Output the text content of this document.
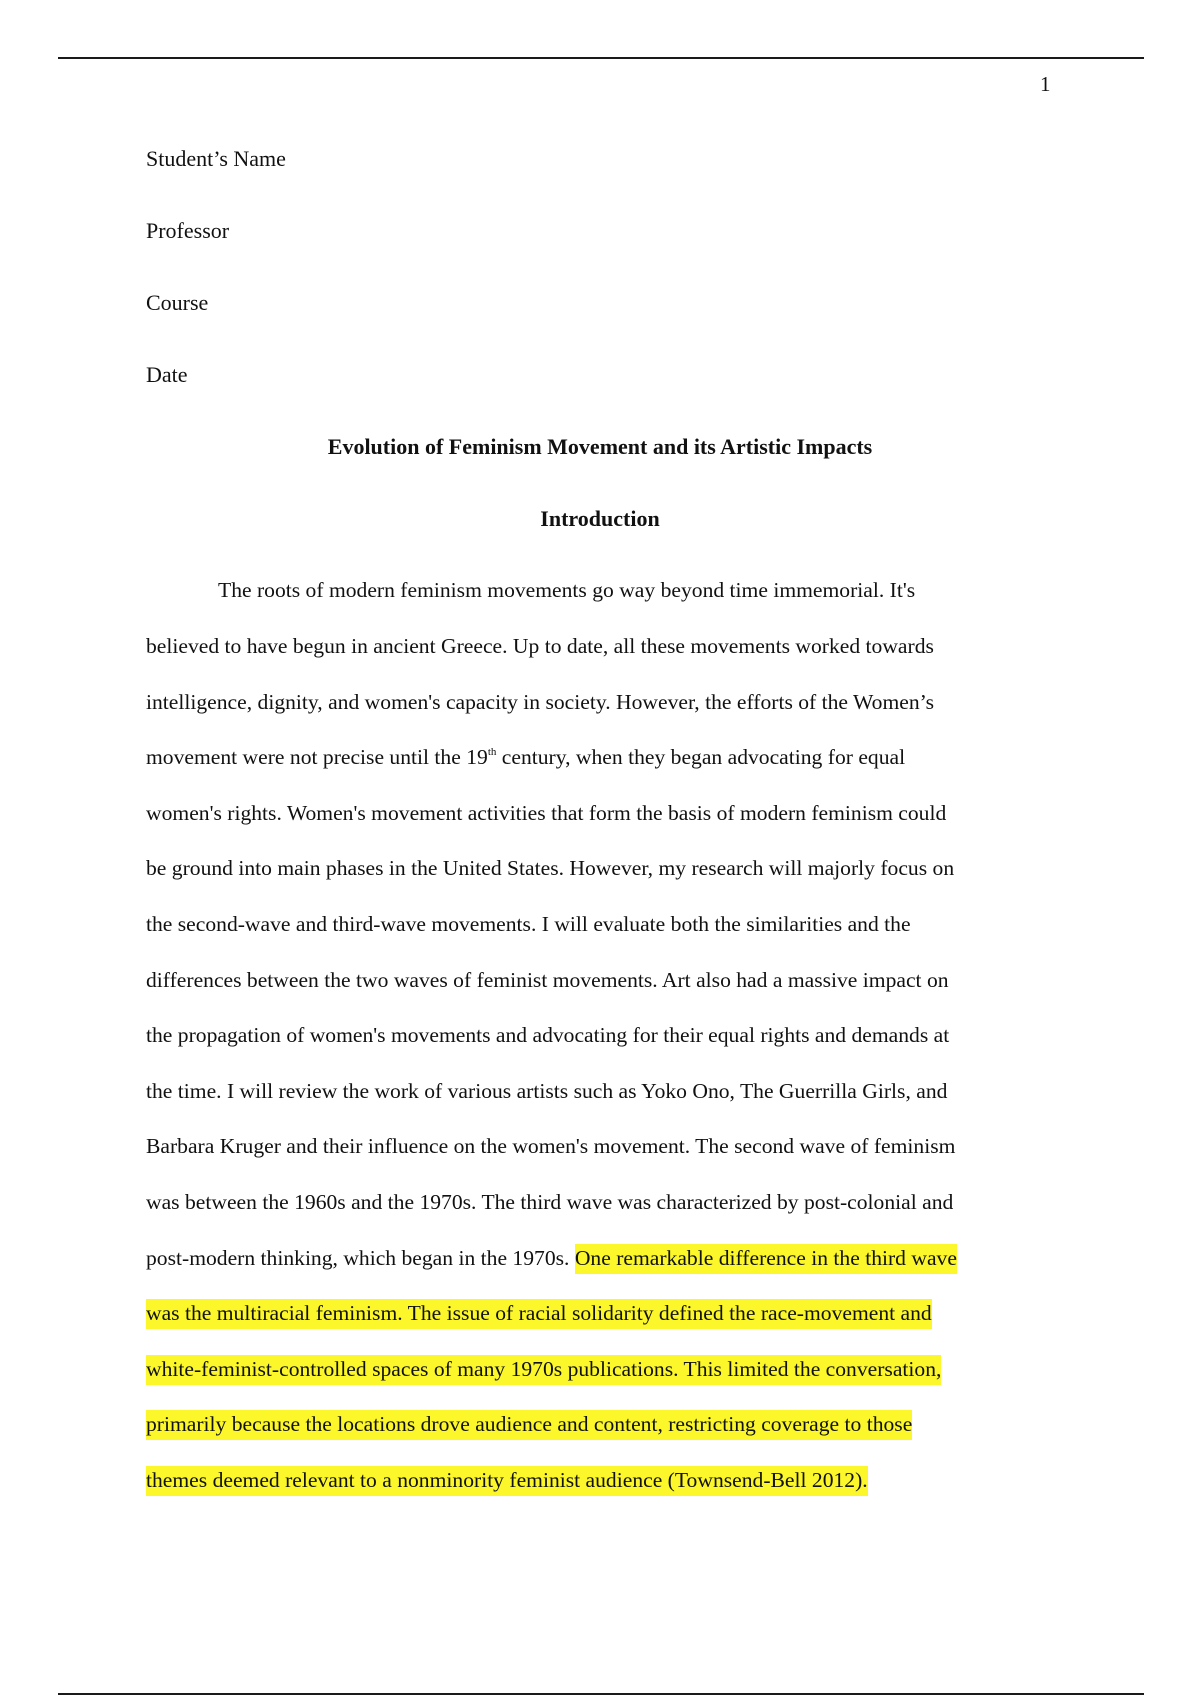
1
Student’s Name
Professor
Course
Date
Evolution of Feminism Movement and its Artistic Impacts
Introduction
The roots of modern feminism movements go way beyond time immemorial. It's
believed to have begun in ancient Greece. Up to date, all these movements worked towards
intelligence, dignity, and women's capacity in society. However, the efforts of the Women’s
movement were not precise until the 19th century, when they began advocating for equal
women's rights. Women's movement activities that form the basis of modern feminism could
be ground into main phases in the United States. However, my research will majorly focus on
the second-wave and third-wave movements. I will evaluate both the similarities and the
differences between the two waves of feminist movements. Art also had a massive impact on
the propagation of women's movements and advocating for their equal rights and demands at
the time. I will review the work of various artists such as Yoko Ono, The Guerrilla Girls, and
Barbara Kruger and their influence on the women's movement. The second wave of feminism
was between the 1960s and the 1970s. The third wave was characterized by post-colonial and
post-modern thinking, which began in the 1970s. One remarkable difference in the third wave
was the multiracial feminism. The issue of racial solidarity defined the race-movement and
white-feminist-controlled spaces of many 1970s publications. This limited the conversation,
primarily because the locations drove audience and content, restricting coverage to those
themes deemed relevant to a nonminority feminist audience (Townsend-Bell 2012).
